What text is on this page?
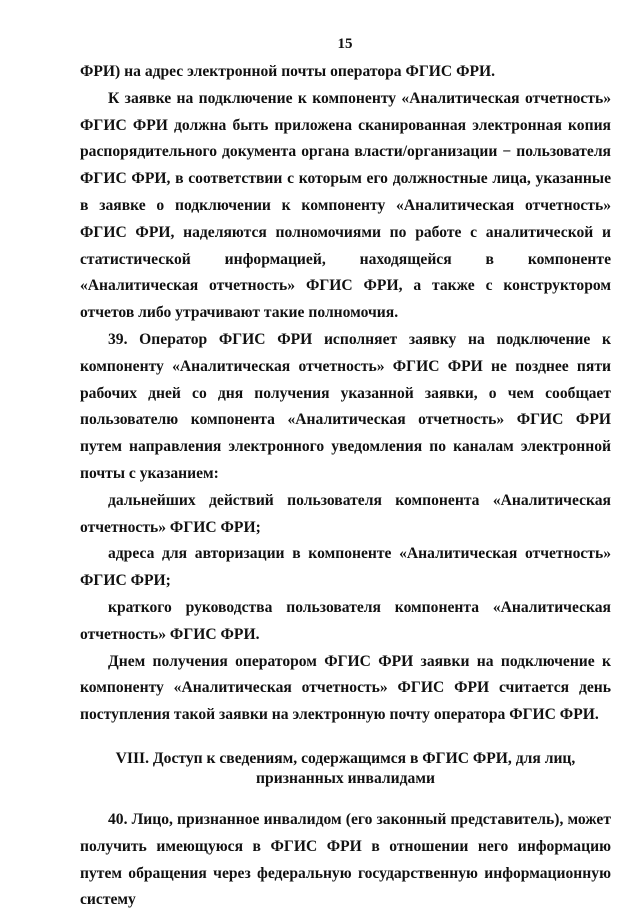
15

ФРИ) на адрес электронной почты оператора ФГИС ФРИ.

К заявке на подключение к компоненту «Аналитическая отчетность» ФГИС ФРИ должна быть приложена сканированная электронная копия распорядительного документа органа власти/организации − пользователя ФГИС ФРИ, в соответствии с которым его должностные лица, указанные в заявке о подключении к компоненту «Аналитическая отчетность» ФГИС ФРИ, наделяются полномочиями по работе с аналитической и статистической информацией, находящейся в компоненте «Аналитическая отчетность» ФГИС ФРИ, а также с конструктором отчетов либо утрачивают такие полномочия.

39. Оператор ФГИС ФРИ исполняет заявку на подключение к компоненту «Аналитическая отчетность» ФГИС ФРИ не позднее пяти рабочих дней со дня получения указанной заявки, о чем сообщает пользователю компонента «Аналитическая отчетность» ФГИС ФРИ путем направления электронного уведомления по каналам электронной почты с указанием:

дальнейших действий пользователя компонента «Аналитическая отчетность» ФГИС ФРИ;

адреса для авторизации в компоненте «Аналитическая отчетность» ФГИС ФРИ;

краткого руководства пользователя компонента «Аналитическая отчетность» ФГИС ФРИ.

Днем получения оператором ФГИС ФРИ заявки на подключение к компоненту «Аналитическая отчетность» ФГИС ФРИ считается день поступления такой заявки на электронную почту оператора ФГИС ФРИ.

VIII. Доступ к сведениям, содержащимся в ФГИС ФРИ, для лиц,
признанных инвалидами

40. Лицо, признанное инвалидом (его законный представитель), может получить имеющуюся в ФГИС ФРИ в отношении него информацию путем обращения через федеральную государственную информационную систему
